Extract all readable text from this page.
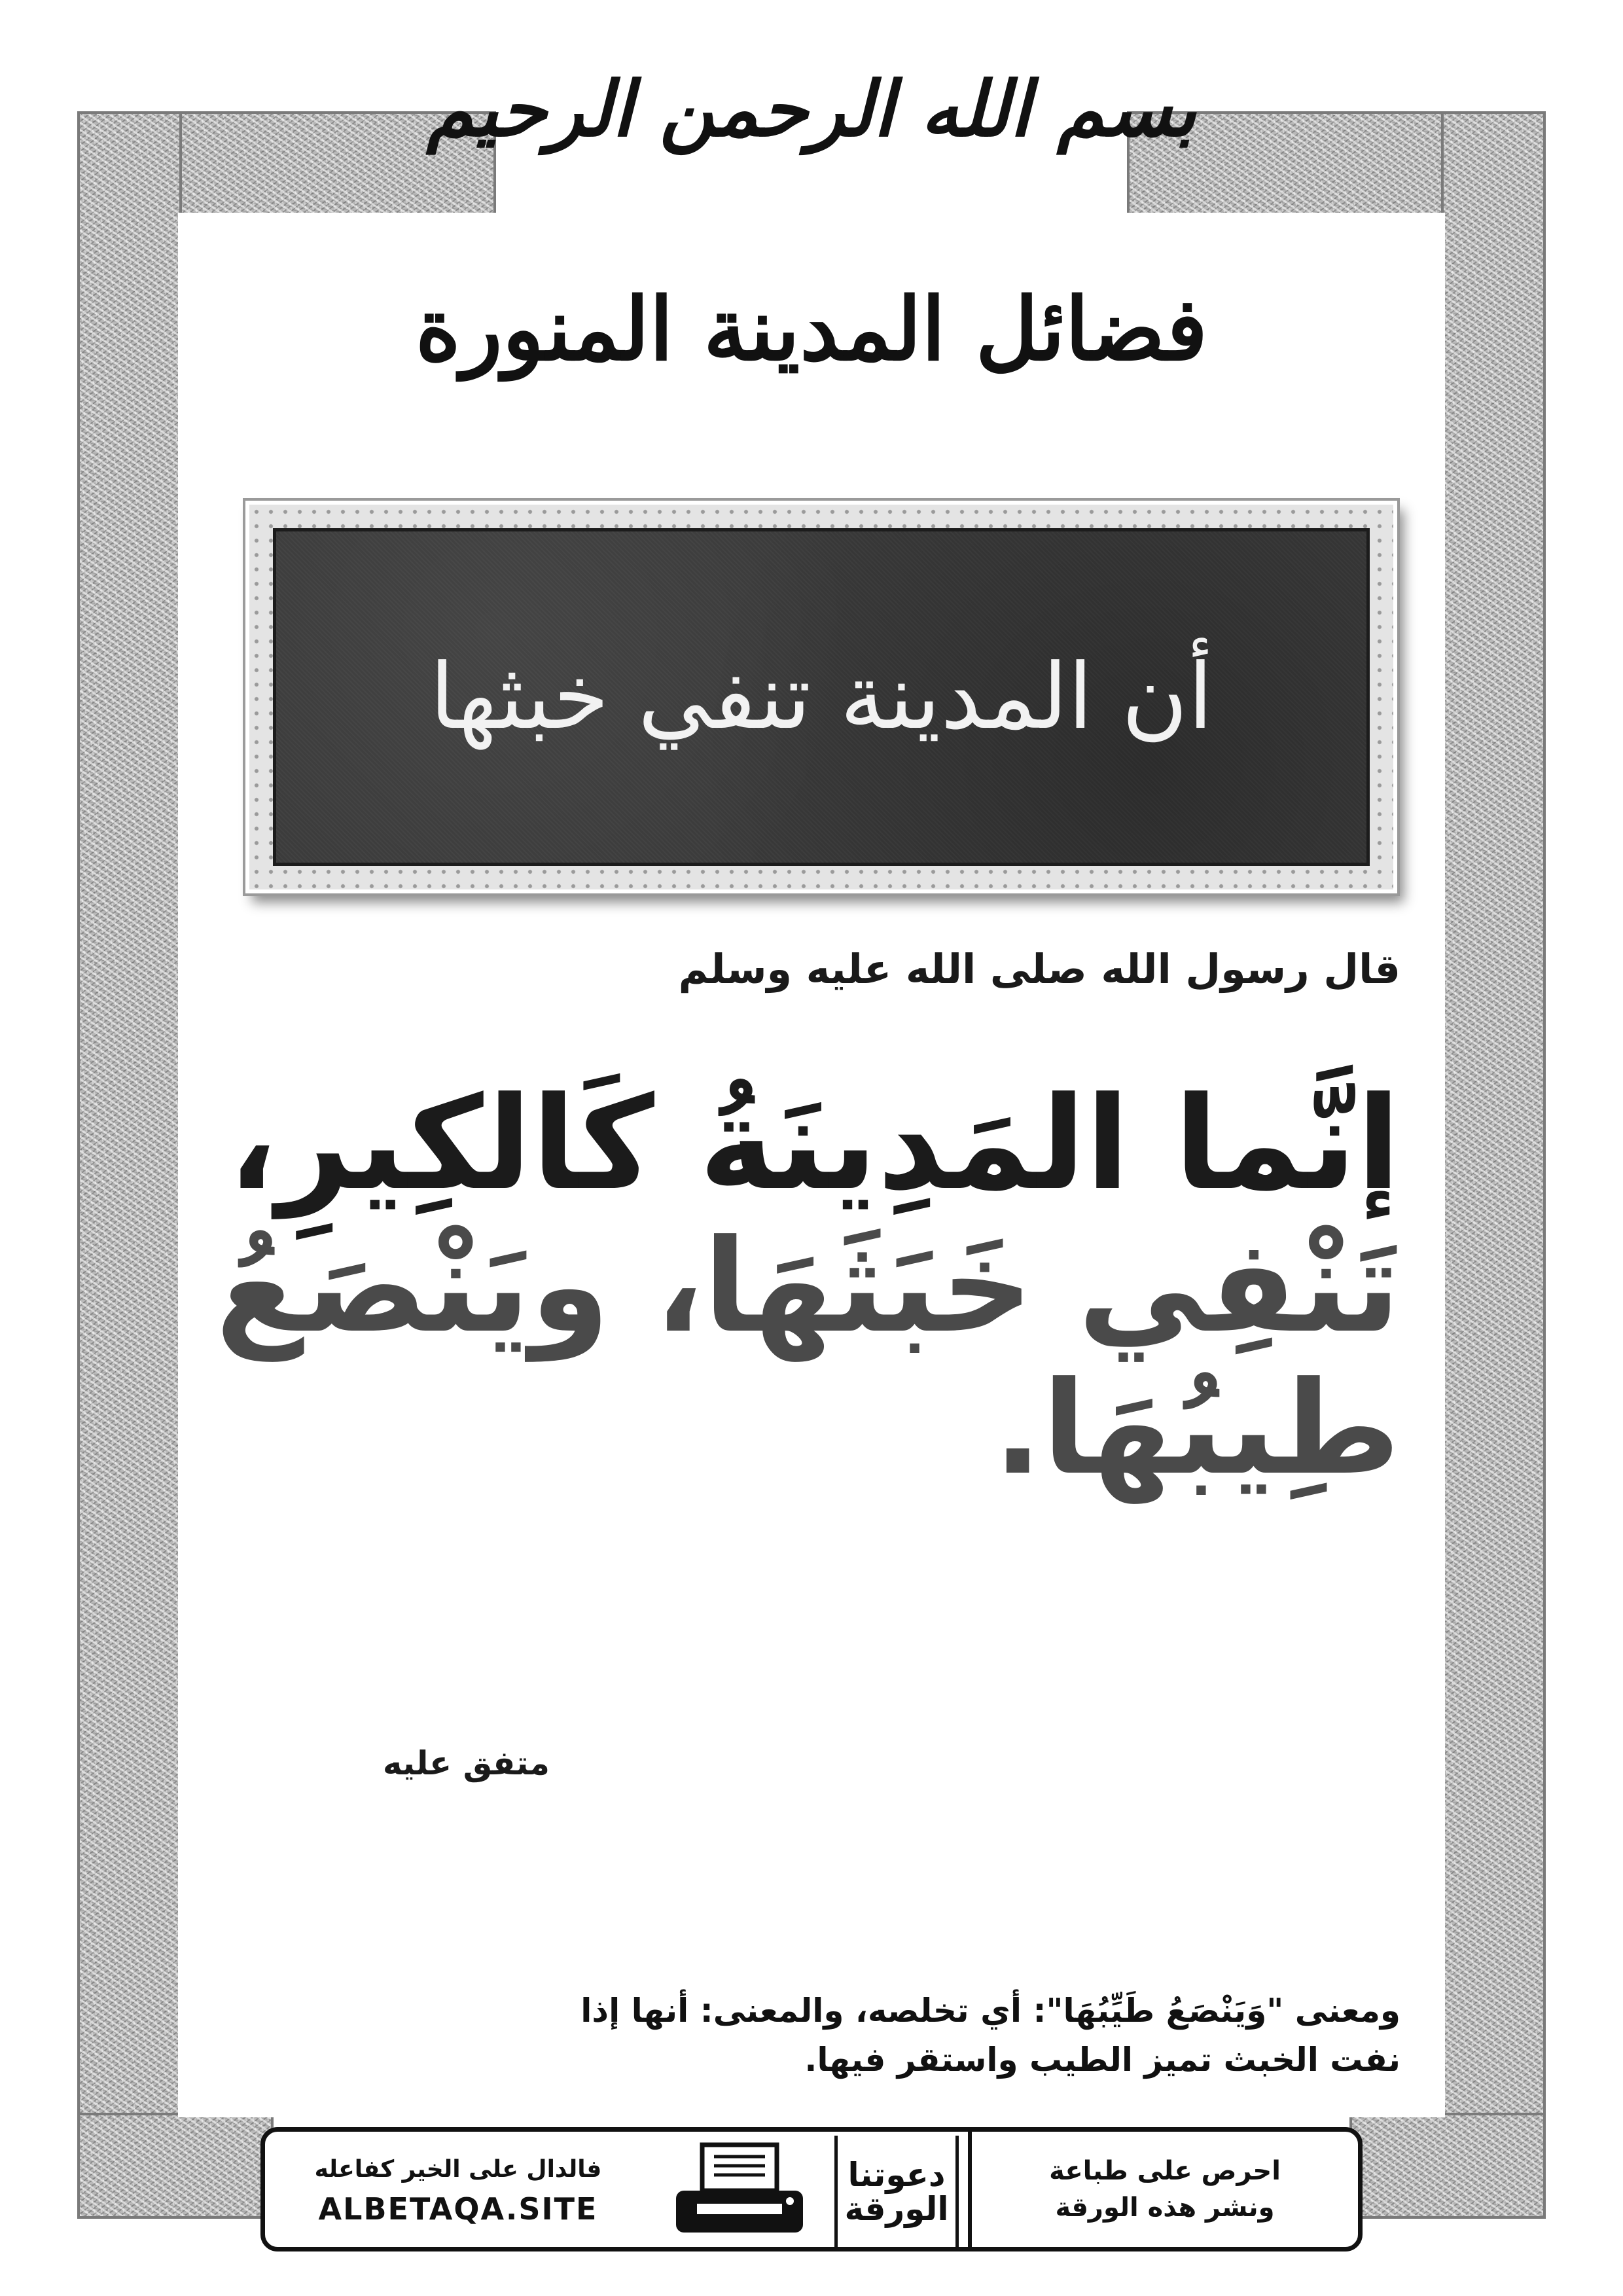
بسم الله الرحمن الرحيم
فضائل المدينة المنورة
أن المدينة تنفي خبثها
قال رسول الله صلى الله عليه وسلم
إنَّما المَدِينَةُ كَالكِيرِ،
تَنْفِي خَبَثَهَا، ويَنْصَعُ
طِيبُهَا.
متفق عليه
ومعنى "وَيَنْصَعُ طَيِّبُهَا": أي تخلصه، والمعنى: أنها إذا
نفت الخبث تميز الطيب واستقر فيها.
فالدال على الخير كفاعله
ALBETAQA.SITE
دعوتنا
الورقة
احرص على طباعة
ونشر هذه الورقة
